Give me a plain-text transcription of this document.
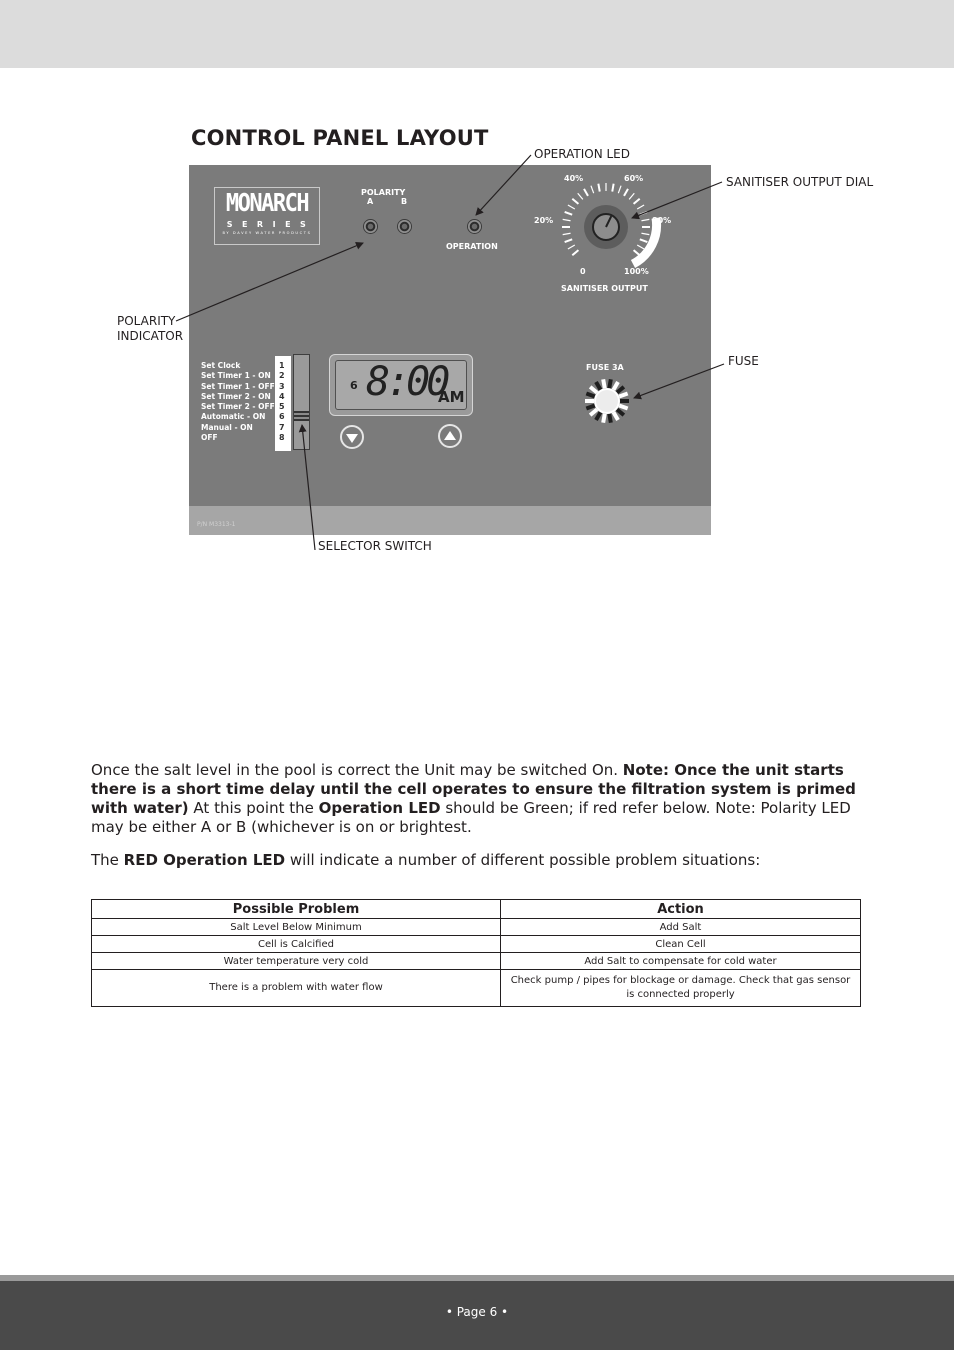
CONTROL PANEL LAYOUT
MONARCH
SERIES
BY DAVEY WATER PRODUCTS
POLARITY
A	B
OPERATION
40%	60%
20%	80%
0	100%
SANITISER OUTPUT
Set Clock
Set Timer 1 - ON
Set Timer 1 - OFF
Set Timer 2 - ON
Set Timer 2 - OFF
Automatic - ON
Manual - ON
OFF
1
2
3
4
5
6
7
8
6 8:00
AM
FUSE 3A
P/N M3313-1
OPERATION LED
SANITISER OUTPUT DIAL
POLARITY
INDICATOR
FUSE
SELECTOR SWITCH

Once the salt level in the pool is correct the Unit may be switched On. Note: Once the unit starts there is a short time delay until the cell operates to ensure the filtration system is primed with water) At this point the Operation LED should be Green; if red refer below. Note: Polarity LED may be either A or B (whichever is on or brightest.

The RED Operation LED will indicate a number of different possible problem situations:

Possible Problem	Action
Salt Level Below Minimum	Add Salt
Cell is Calcified	Clean Cell
Water temperature very cold	Add Salt to compensate for cold water
There is a problem with water flow	Check pump / pipes for blockage or damage. Check that gas sensor is connected properly
• Page 6 •
